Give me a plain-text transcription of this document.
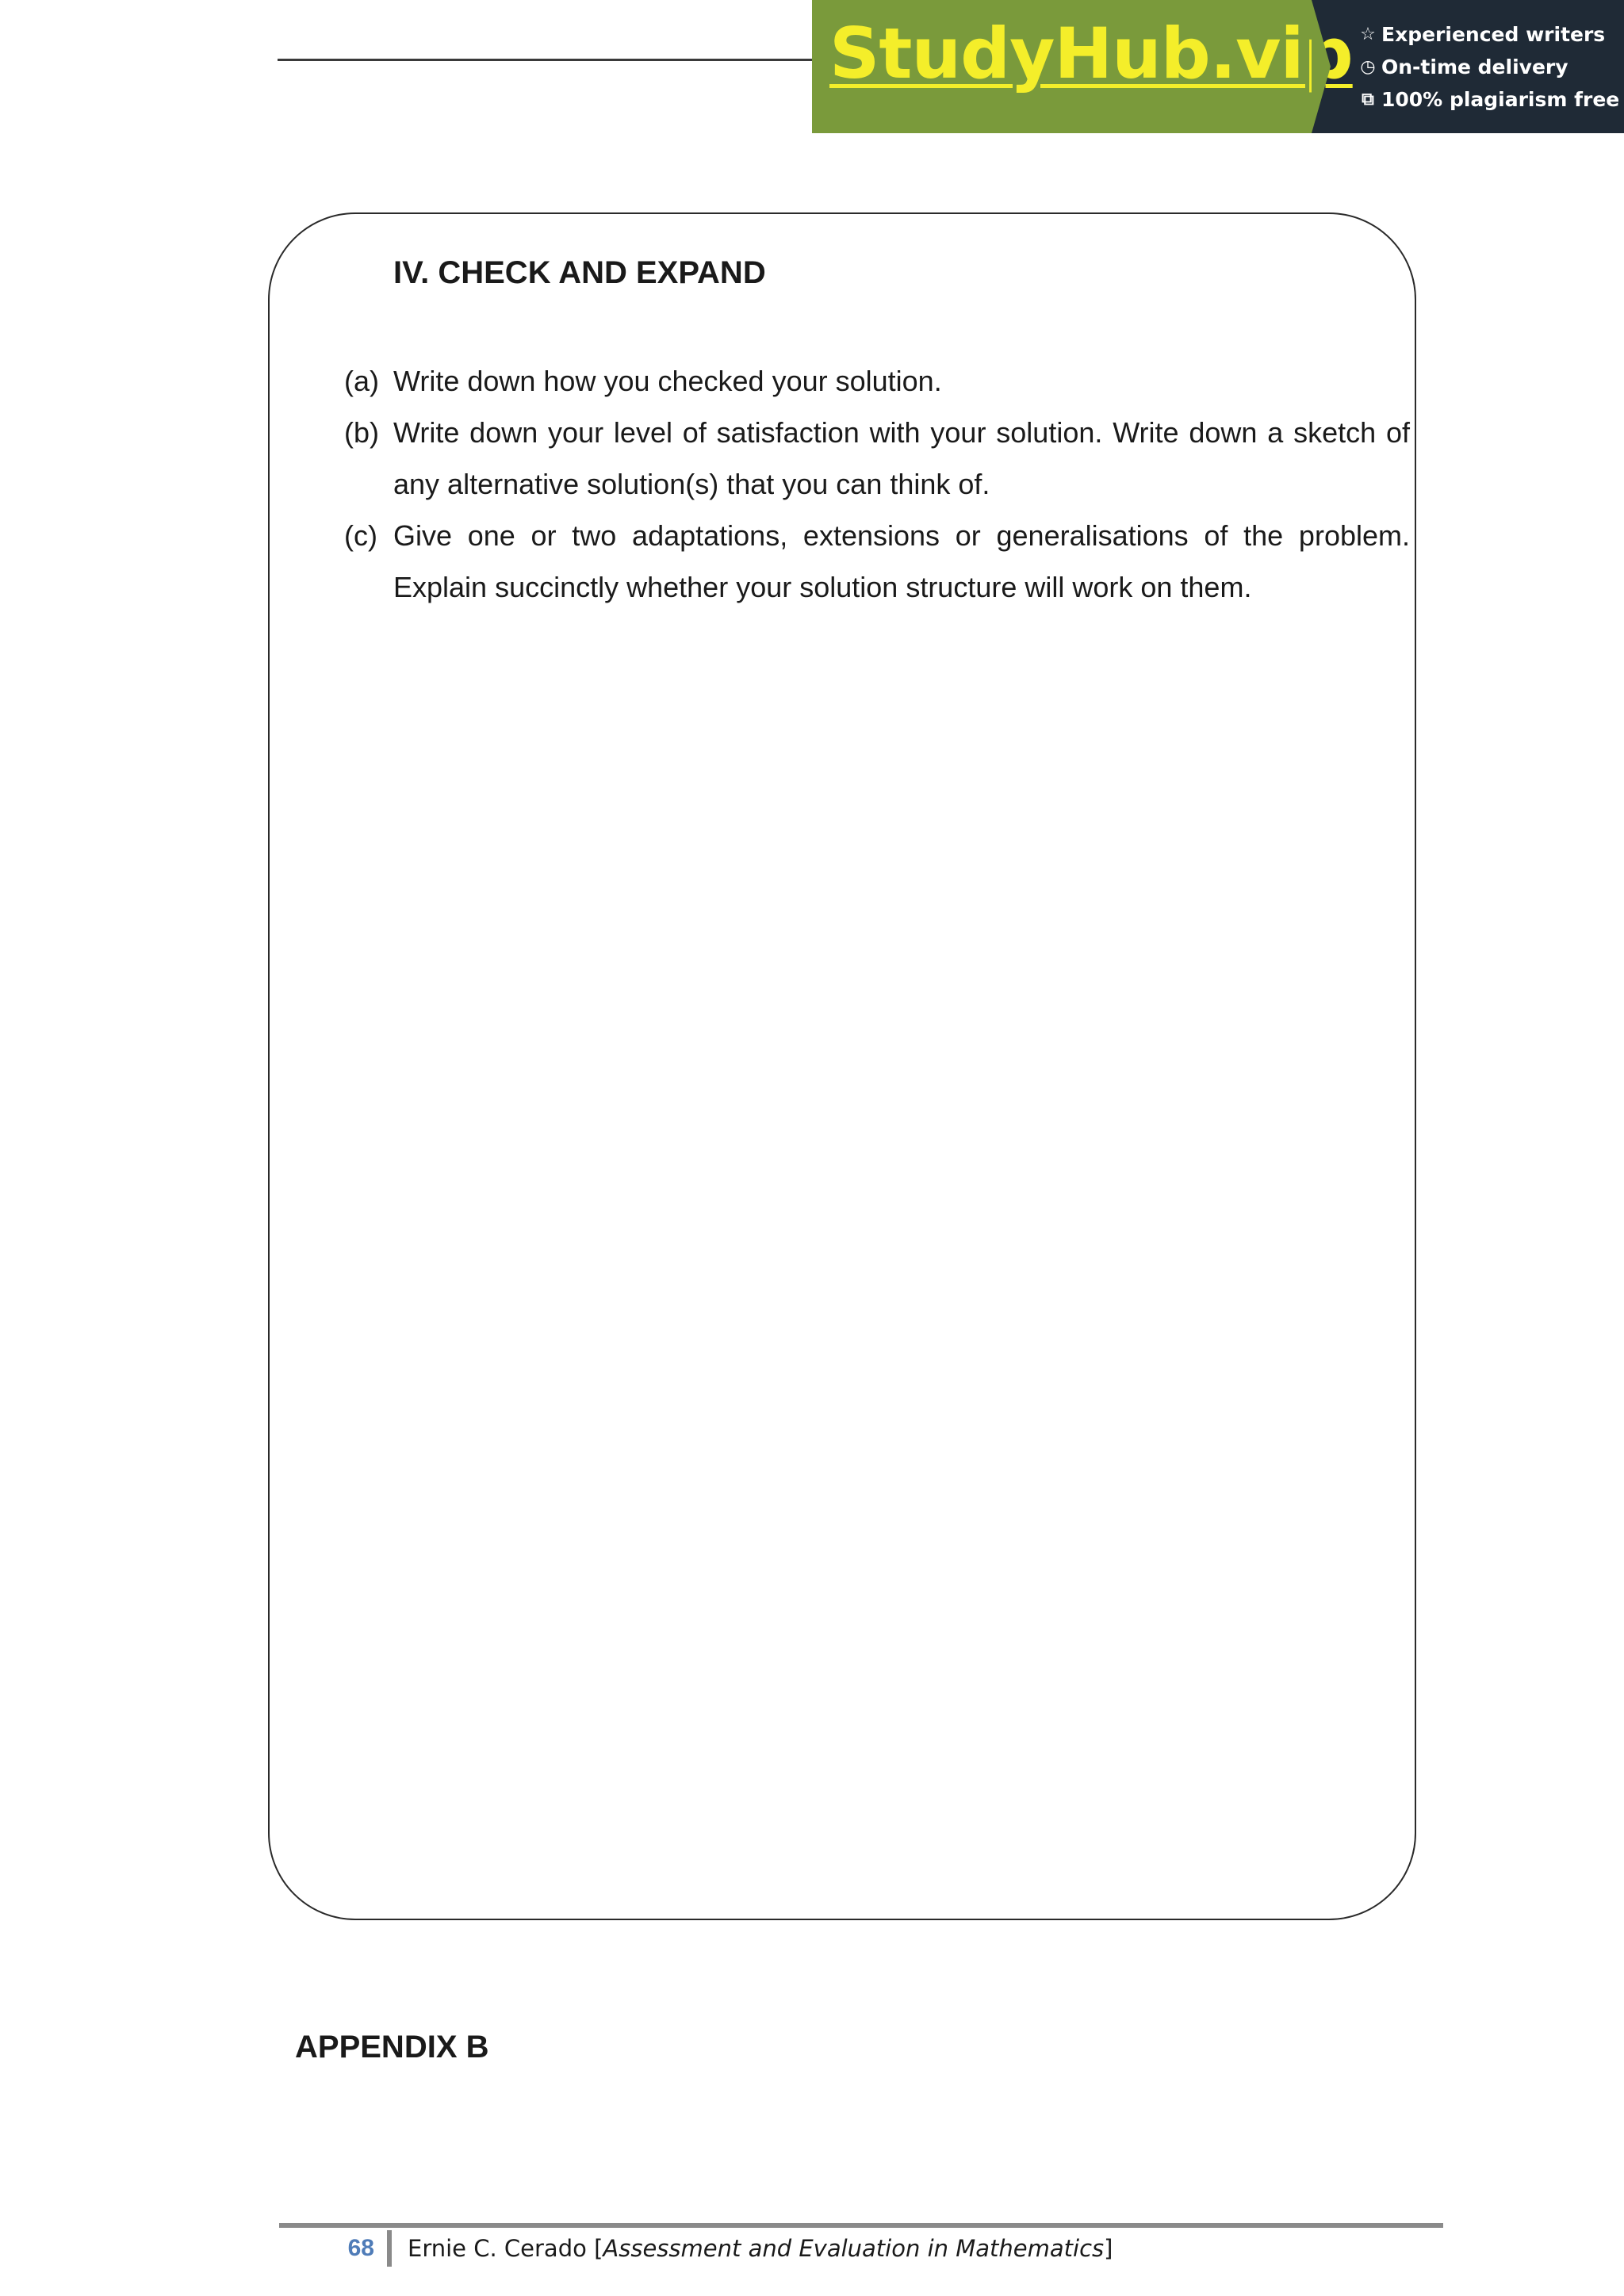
StudyHub.vip ☆ Experienced writers
◷ On-time delivery
⧉ 100% plagiarism free
IV. CHECK AND EXPAND
(a) Write down how you checked your solution.
(b) Write down your level of satisfaction with your solution. Write down a sketch of any alternative solution(s) that you can think of.
(c) Give one or two adaptations, extensions or generalisations of the problem. Explain succinctly whether your solution structure will work on them.
APPENDIX B
68	Ernie C. Cerado [Assessment and Evaluation in Mathematics]
